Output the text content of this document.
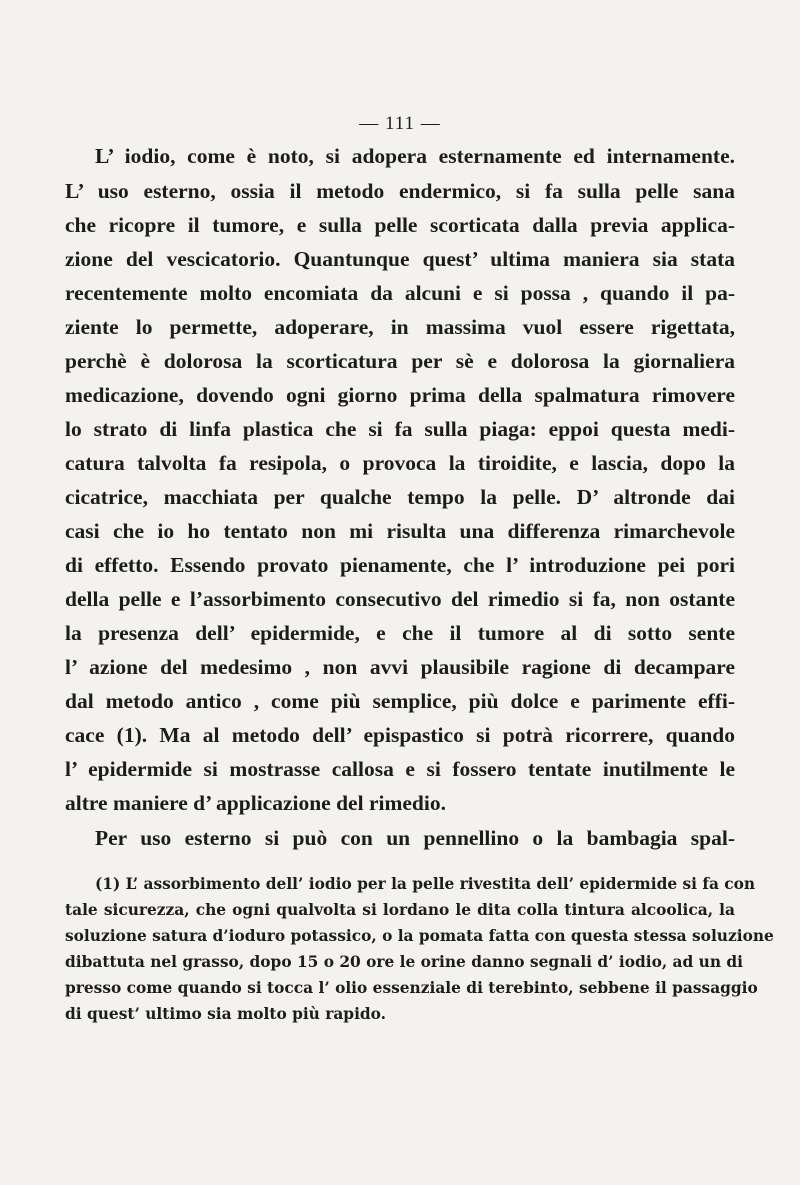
— 111 —
L’ iodio, come è noto, si adopera esternamente ed internamente.
L’ uso esterno, ossia il metodo endermico, si fa sulla pelle sana
che ricopre il tumore, e sulla pelle scorticata dalla previa applica-
zione del vescicatorio. Quantunque quest’ ultima maniera sia stata
recentemente molto encomiata da alcuni e si possa , quando il pa-
ziente lo permette, adoperare, in massima vuol essere rigettata,
perchè è dolorosa la scorticatura per sè e dolorosa la giornaliera
medicazione, dovendo ogni giorno prima della spalmatura rimovere
lo strato di linfa plastica che si fa sulla piaga: eppoi questa medi-
catura talvolta fa resipola, o provoca la tiroidite, e lascia, dopo la
cicatrice, macchiata per qualche tempo la pelle. D’ altronde dai
casi che io ho tentato non mi risulta una differenza rimarchevole
di effetto. Essendo provato pienamente, che l’ introduzione pei pori
della pelle e l’assorbimento consecutivo del rimedio si fa, non ostante
la presenza dell’ epidermide, e che il tumore al di sotto sente
l’ azione del medesimo , non avvi plausibile ragione di decampare
dal metodo antico , come più semplice, più dolce e parimente effi-
cace (1). Ma al metodo dell’ epispastico si potrà ricorrere, quando
l’ epidermide si mostrasse callosa e si fossero tentate inutilmente le
altre maniere d’ applicazione del rimedio.
Per uso esterno si può con un pennellino o la bambagia spal-
(1) L’ assorbimento dell’ iodio per la pelle rivestita dell’ epidermide si fa con
tale sicurezza, che ogni qualvolta si lordano le dita colla tintura alcoolica, la
soluzione satura d’ioduro potassico, o la pomata fatta con questa stessa soluzione
dibattuta nel grasso, dopo 15 o 20 ore le orine danno segnali d’ iodio, ad un di
presso come quando si tocca l’ olio essenziale di terebinto, sebbene il passaggio
di quest’ ultimo sia molto più rapido.
